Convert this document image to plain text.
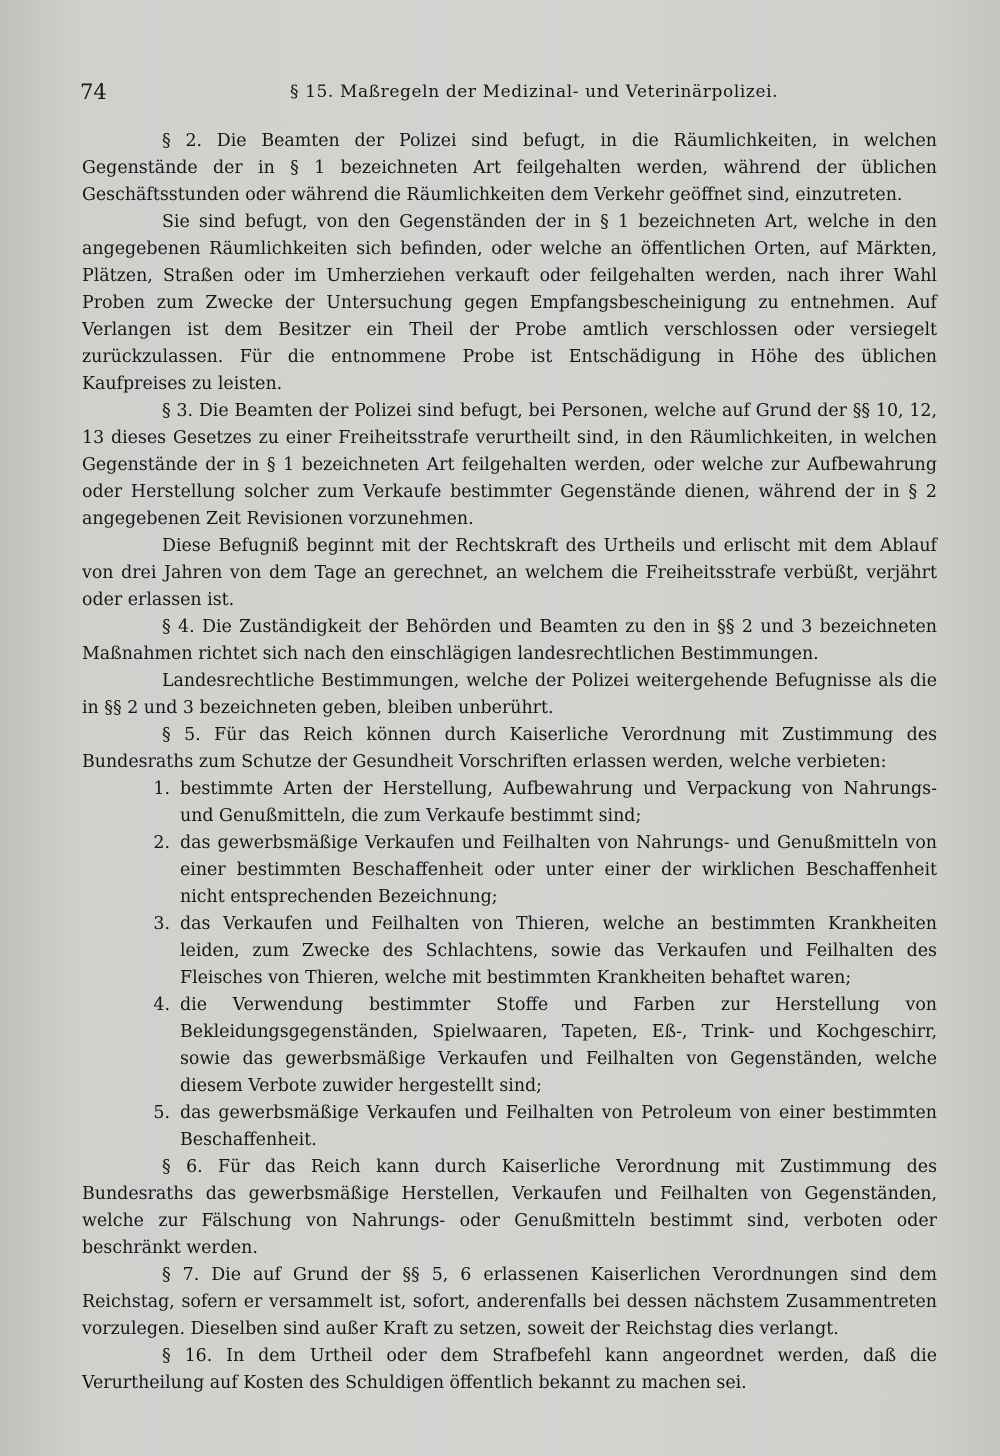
74	§ 15. Maßregeln der Medizinal- und Veterinärpolizei.

§ 2. Die Beamten der Polizei sind befugt, in die Räumlichkeiten, in welchen Gegenstände der in § 1 bezeichneten Art feilgehalten werden, während der üblichen Geschäftsstunden oder während die Räumlichkeiten dem Verkehr geöffnet sind, einzutreten.

Sie sind befugt, von den Gegenständen der in § 1 bezeichneten Art, welche in den angegebenen Räumlichkeiten sich befinden, oder welche an öffentlichen Orten, auf Märkten, Plätzen, Straßen oder im Umherziehen verkauft oder feilgehalten werden, nach ihrer Wahl Proben zum Zwecke der Untersuchung gegen Empfangsbescheinigung zu entnehmen. Auf Verlangen ist dem Besitzer ein Theil der Probe amtlich verschlossen oder versiegelt zurückzulassen. Für die entnommene Probe ist Entschädigung in Höhe des üblichen Kaufpreises zu leisten.

§ 3. Die Beamten der Polizei sind befugt, bei Personen, welche auf Grund der §§ 10, 12, 13 dieses Gesetzes zu einer Freiheitsstrafe verurtheilt sind, in den Räumlichkeiten, in welchen Gegenstände der in § 1 bezeichneten Art feilgehalten werden, oder welche zur Aufbewahrung oder Herstellung solcher zum Verkaufe bestimmter Gegenstände dienen, während der in § 2 angegebenen Zeit Revisionen vorzunehmen.

Diese Befugniß beginnt mit der Rechtskraft des Urtheils und erlischt mit dem Ablauf von drei Jahren von dem Tage an gerechnet, an welchem die Freiheitsstrafe verbüßt, verjährt oder erlassen ist.

§ 4. Die Zuständigkeit der Behörden und Beamten zu den in §§ 2 und 3 bezeichneten Maßnahmen richtet sich nach den einschlägigen landesrechtlichen Bestimmungen.

Landesrechtliche Bestimmungen, welche der Polizei weitergehende Befugnisse als die in §§ 2 und 3 bezeichneten geben, bleiben unberührt.

§ 5. Für das Reich können durch Kaiserliche Verordnung mit Zustimmung des Bundesraths zum Schutze der Gesundheit Vorschriften erlassen werden, welche verbieten:

1. bestimmte Arten der Herstellung, Aufbewahrung und Verpackung von Nahrungs- und Genußmitteln, die zum Verkaufe bestimmt sind;
2. das gewerbsmäßige Verkaufen und Feilhalten von Nahrungs- und Genußmitteln von einer bestimmten Beschaffenheit oder unter einer der wirklichen Beschaffenheit nicht entsprechenden Bezeichnung;
3. das Verkaufen und Feilhalten von Thieren, welche an bestimmten Krankheiten leiden, zum Zwecke des Schlachtens, sowie das Verkaufen und Feilhalten des Fleisches von Thieren, welche mit bestimmten Krankheiten behaftet waren;
4. die Verwendung bestimmter Stoffe und Farben zur Herstellung von Bekleidungsgegenständen, Spielwaaren, Tapeten, Eß-, Trink- und Kochgeschirr, sowie das gewerbsmäßige Verkaufen und Feilhalten von Gegenständen, welche diesem Verbote zuwider hergestellt sind;
5. das gewerbsmäßige Verkaufen und Feilhalten von Petroleum von einer bestimmten Beschaffenheit.

§ 6. Für das Reich kann durch Kaiserliche Verordnung mit Zustimmung des Bundesraths das gewerbsmäßige Herstellen, Verkaufen und Feilhalten von Gegenständen, welche zur Fälschung von Nahrungs- oder Genußmitteln bestimmt sind, verboten oder beschränkt werden.

§ 7. Die auf Grund der §§ 5, 6 erlassenen Kaiserlichen Verordnungen sind dem Reichstag, sofern er versammelt ist, sofort, anderenfalls bei dessen nächstem Zusammentreten vorzulegen. Dieselben sind außer Kraft zu setzen, soweit der Reichstag dies verlangt.

§ 16. In dem Urtheil oder dem Strafbefehl kann angeordnet werden, daß die Verurtheilung auf Kosten des Schuldigen öffentlich bekannt zu machen sei.
